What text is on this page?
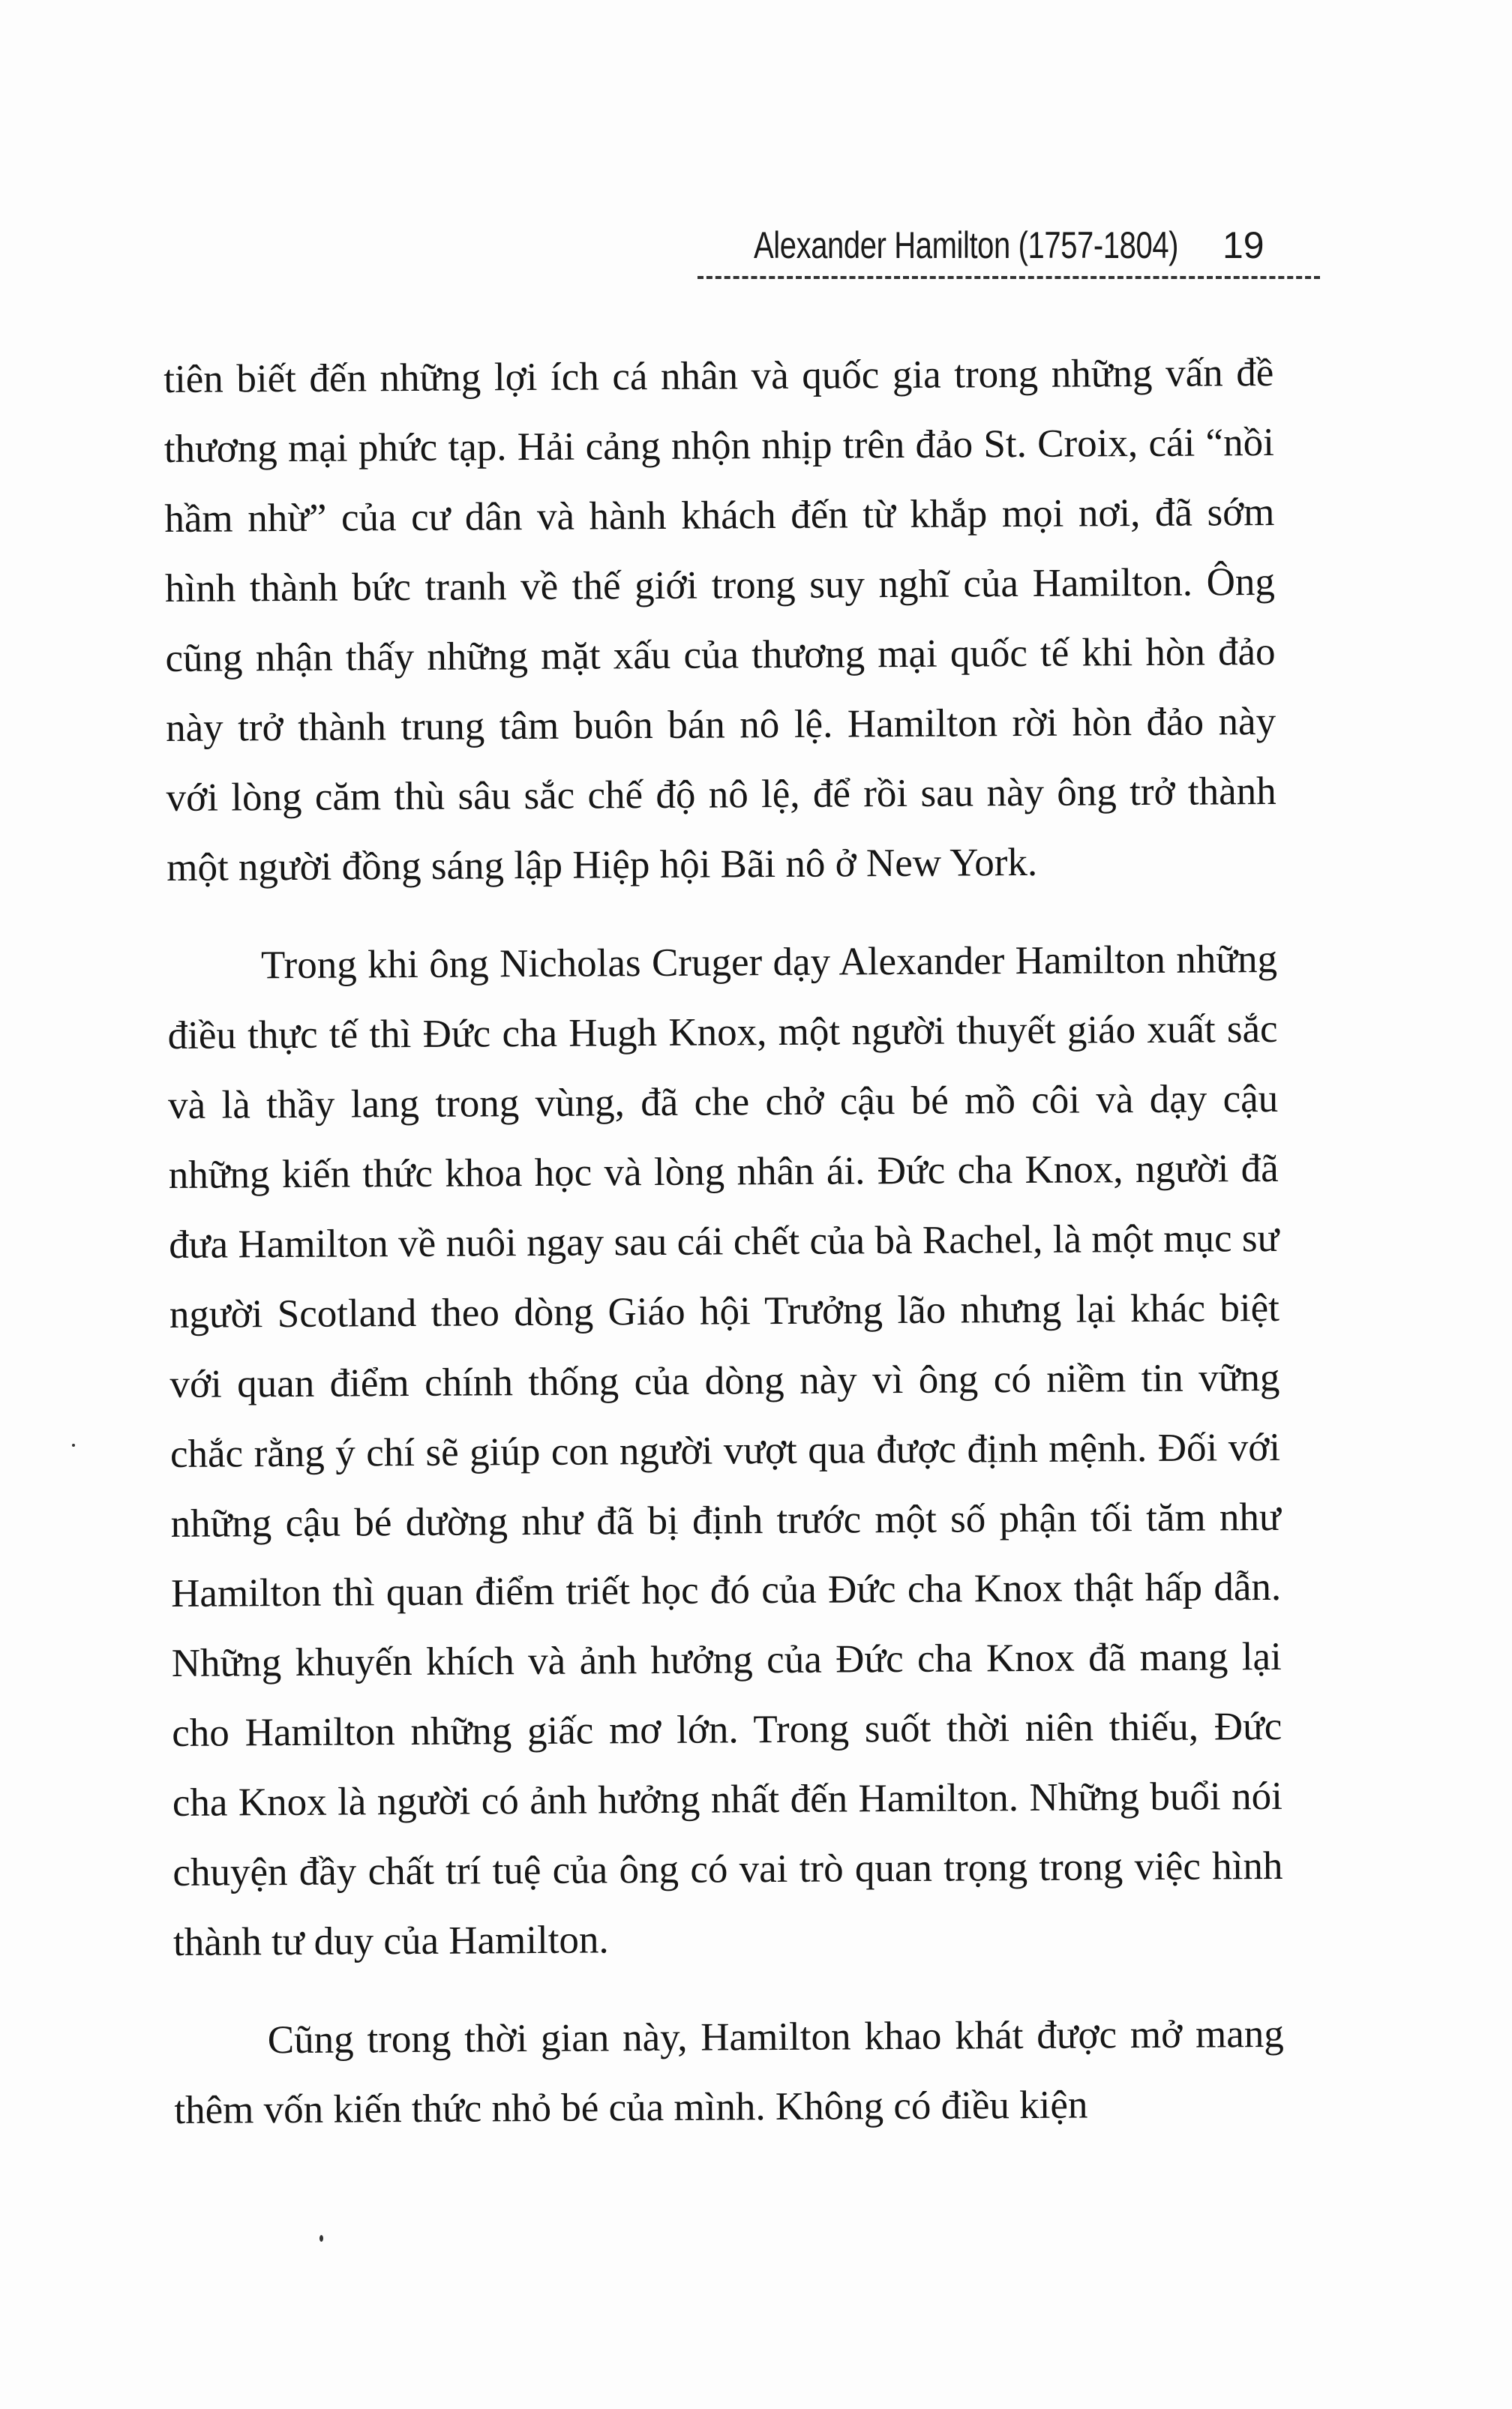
Alexander Hamilton (1757-1804) 19

tiên biết đến những lợi ích cá nhân và quốc gia trong những vấn đề thương mại phức tạp. Hải cảng nhộn nhịp trên đảo St. Croix, cái “nồi hầm nhừ” của cư dân và hành khách đến từ khắp mọi nơi, đã sớm hình thành bức tranh về thế giới trong suy nghĩ của Hamilton. Ông cũng nhận thấy những mặt xấu của thương mại quốc tế khi hòn đảo này trở thành trung tâm buôn bán nô lệ. Hamilton rời hòn đảo này với lòng căm thù sâu sắc chế độ nô lệ, để rồi sau này ông trở thành một người đồng sáng lập Hiệp hội Bãi nô ở New York.

Trong khi ông Nicholas Cruger dạy Alexander Hamilton những điều thực tế thì Đức cha Hugh Knox, một người thuyết giáo xuất sắc và là thầy lang trong vùng, đã che chở cậu bé mồ côi và dạy cậu những kiến thức khoa học và lòng nhân ái. Đức cha Knox, người đã đưa Hamilton về nuôi ngay sau cái chết của bà Rachel, là một mục sư người Scotland theo dòng Giáo hội Trưởng lão nhưng lại khác biệt với quan điểm chính thống của dòng này vì ông có niềm tin vững chắc rằng ý chí sẽ giúp con người vượt qua được định mệnh. Đối với những cậu bé dường như đã bị định trước một số phận tối tăm như Hamilton thì quan điểm triết học đó của Đức cha Knox thật hấp dẫn. Những khuyến khích và ảnh hưởng của Đức cha Knox đã mang lại cho Hamilton những giấc mơ lớn. Trong suốt thời niên thiếu, Đức cha Knox là người có ảnh hưởng nhất đến Hamilton. Những buổi nói chuyện đầy chất trí tuệ của ông có vai trò quan trọng trong việc hình thành tư duy của Hamilton.

Cũng trong thời gian này, Hamilton khao khát được mở mang thêm vốn kiến thức nhỏ bé của mình. Không có điều kiện
